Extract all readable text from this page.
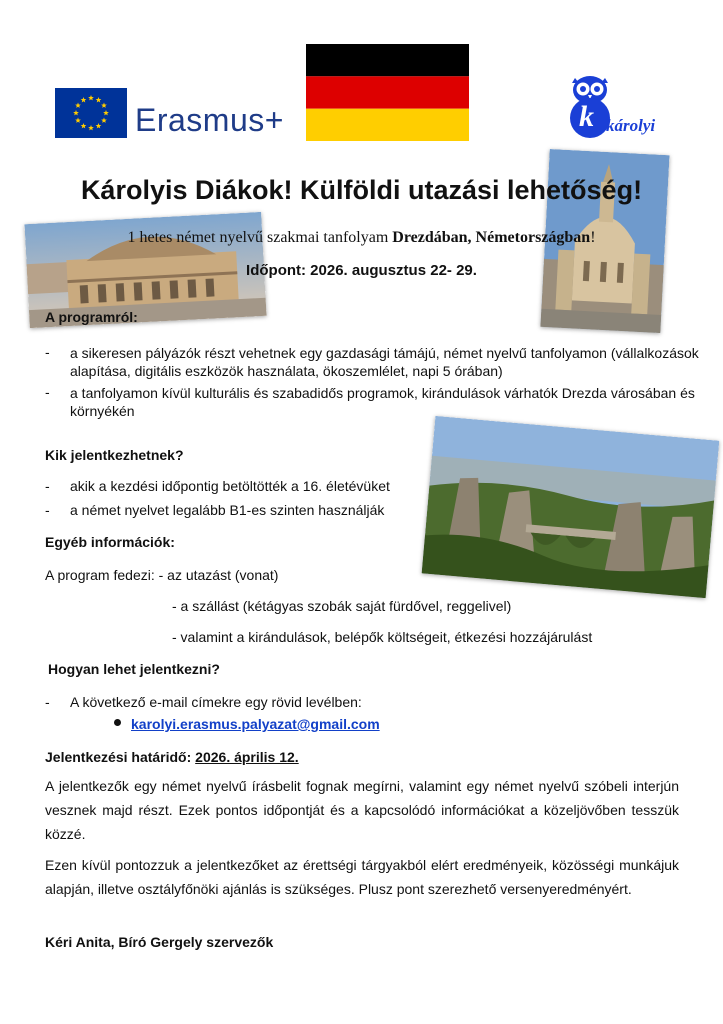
Erasmus+	k károlyi
Károlyis Diákok! Külföldi utazási lehetőség!
1 hetes német nyelvű szakmai tanfolyam Drezdában, Németországban!
Időpont: 2026. augusztus 22- 29.
A programról:
- a sikeresen pályázók részt vehetnek egy gazdasági támájú, német nyelvű tanfolyamon (vállalkozások alapítása, digitális eszközök használata, ökoszemlélet, napi 5 órában)
- a tanfolyamon kívül kulturális és szabadidős programok, kirándulások várhatók Drezda városában és környékén
Kik jelentkezhetnek?
- akik a kezdési időpontig betöltötték a 16. életévüket
- a német nyelvet legalább B1-es szinten használják
Egyéb információk:
A program fedezi: - az utazást (vonat)
- a szállást (kétágyas szobák saját fürdővel, reggelivel)
- valamint a kirándulások, belépők költségeit, étkezési hozzájárulást
Hogyan lehet jelentkezni?
- A következő e-mail címekre egy rövid levélben:
karolyi.erasmus.palyazat@gmail.com
Jelentkezési határidő: 2026. április 12.
A jelentkezők egy német nyelvű írásbelit fognak megírni, valamint egy német nyelvű szóbeli interjún vesznek majd részt. Ezek pontos időpontját és a kapcsolódó információkat a közeljövőben tesszük közzé.
Ezen kívül pontozzuk a jelentkezőket az érettségi tárgyakból elért eredményeik, közösségi munkájuk alapján, illetve osztályfőnöki ajánlás is szükséges. Plusz pont szerezhető versenyeredményért.
Kéri Anita, Bíró Gergely szervezők
